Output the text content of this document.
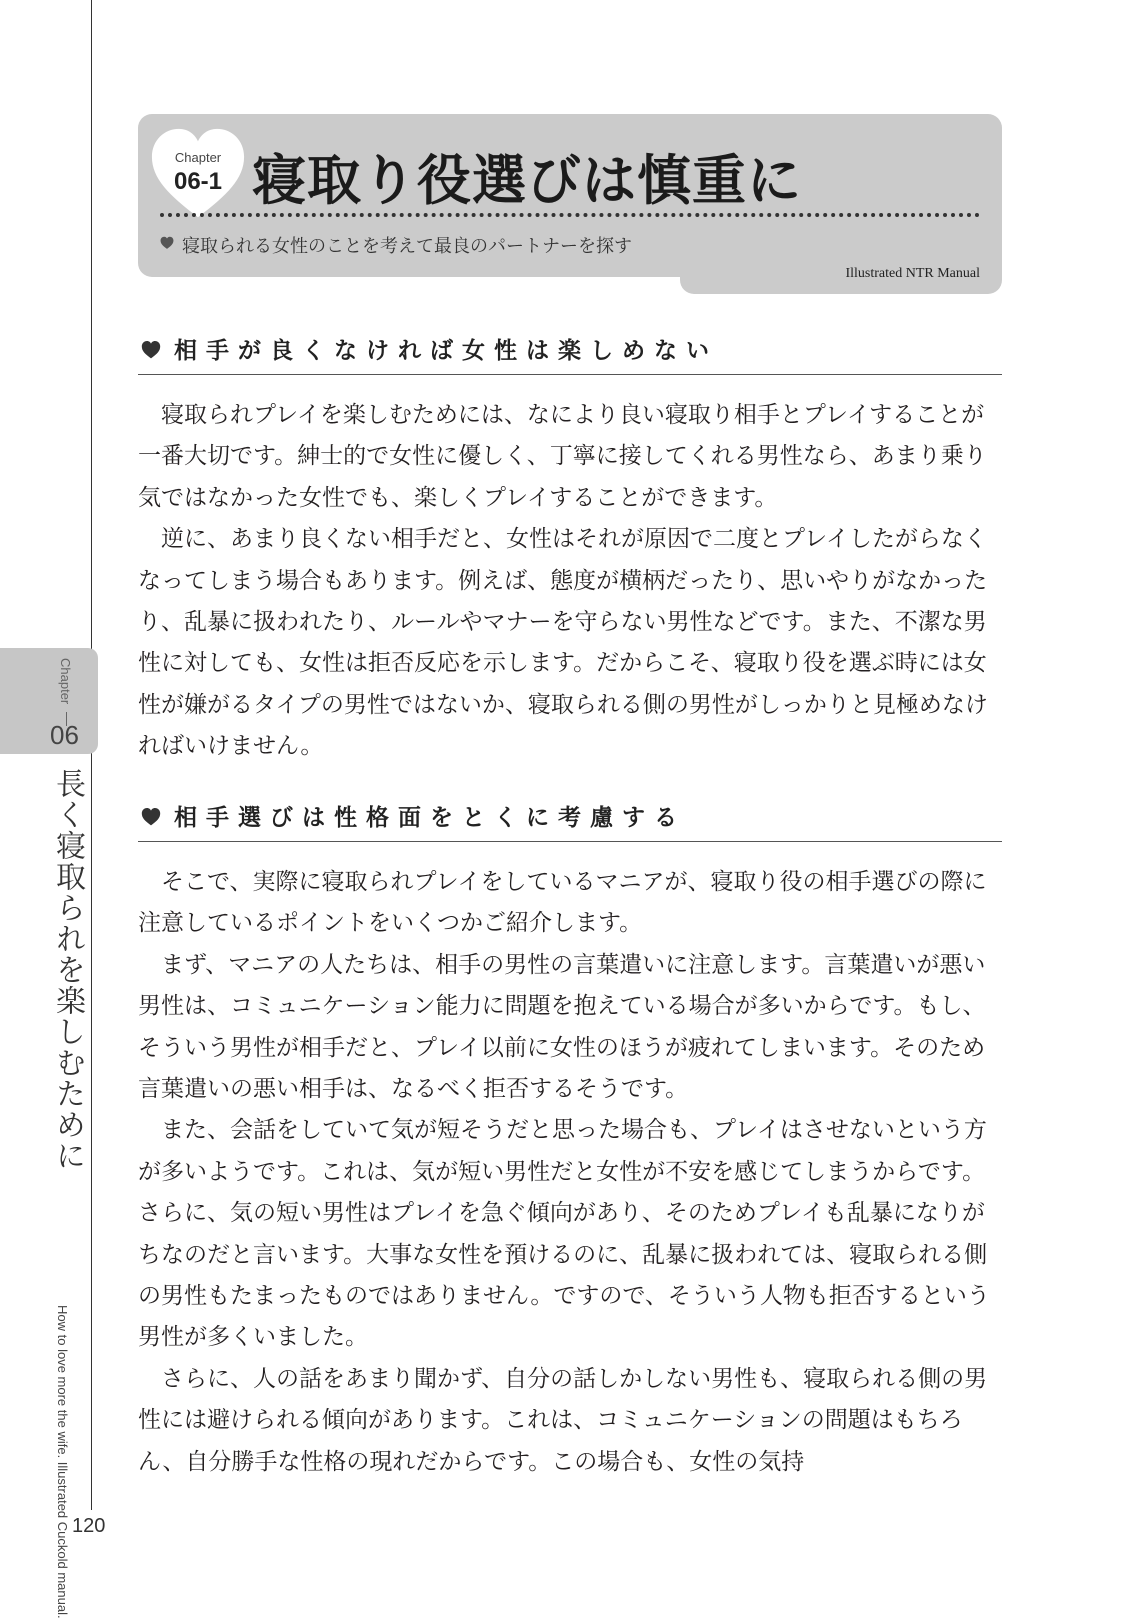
Chapter
06
長く寝取られを楽しむために
How to love more the wife. Illustrated Cuckold manual. 120
Chapter
06-1 寝取り役選びは慎重に
寝取られる女性のことを考えて最良のパートナーを探す
Illustrated NTR Manual
相手が良くなければ女性は楽しめない

寝取られプレイを楽しむためには、なにより良い寝取り相手とプレイすることが一番大切です。紳士的で女性に優しく、丁寧に接してくれる男性なら、あまり乗り気ではなかった女性でも、楽しくプレイすることができます。

逆に、あまり良くない相手だと、女性はそれが原因で二度とプレイしたがらなくなってしまう場合もあります。例えば、態度が横柄だったり、思いやりがなかったり、乱暴に扱われたり、ルールやマナーを守らない男性などです。また、不潔な男性に対しても、女性は拒否反応を示します。だからこそ、寝取り役を選ぶ時には女性が嫌がるタイプの男性ではないか、寝取られる側の男性がしっかりと見極めなければいけません。

相手選びは性格面をとくに考慮する

そこで、実際に寝取られプレイをしているマニアが、寝取り役の相手選びの際に注意しているポイントをいくつかご紹介します。

まず、マニアの人たちは、相手の男性の言葉遣いに注意します。言葉遣いが悪い男性は、コミュニケーション能力に問題を抱えている場合が多いからです。もし、そういう男性が相手だと、プレイ以前に女性のほうが疲れてしまいます。そのため言葉遣いの悪い相手は、なるべく拒否するそうです。

また、会話をしていて気が短そうだと思った場合も、プレイはさせないという方が多いようです。これは、気が短い男性だと女性が不安を感じてしまうからです。さらに、気の短い男性はプレイを急ぐ傾向があり、そのためプレイも乱暴になりがちなのだと言います。大事な女性を預けるのに、乱暴に扱われては、寝取られる側の男性もたまったものではありません。ですので、そういう人物も拒否するという男性が多くいました。

さらに、人の話をあまり聞かず、自分の話しかしない男性も、寝取られる側の男性には避けられる傾向があります。これは、コミュニケーションの問題はもちろん、自分勝手な性格の現れだからです。この場合も、女性の気持
